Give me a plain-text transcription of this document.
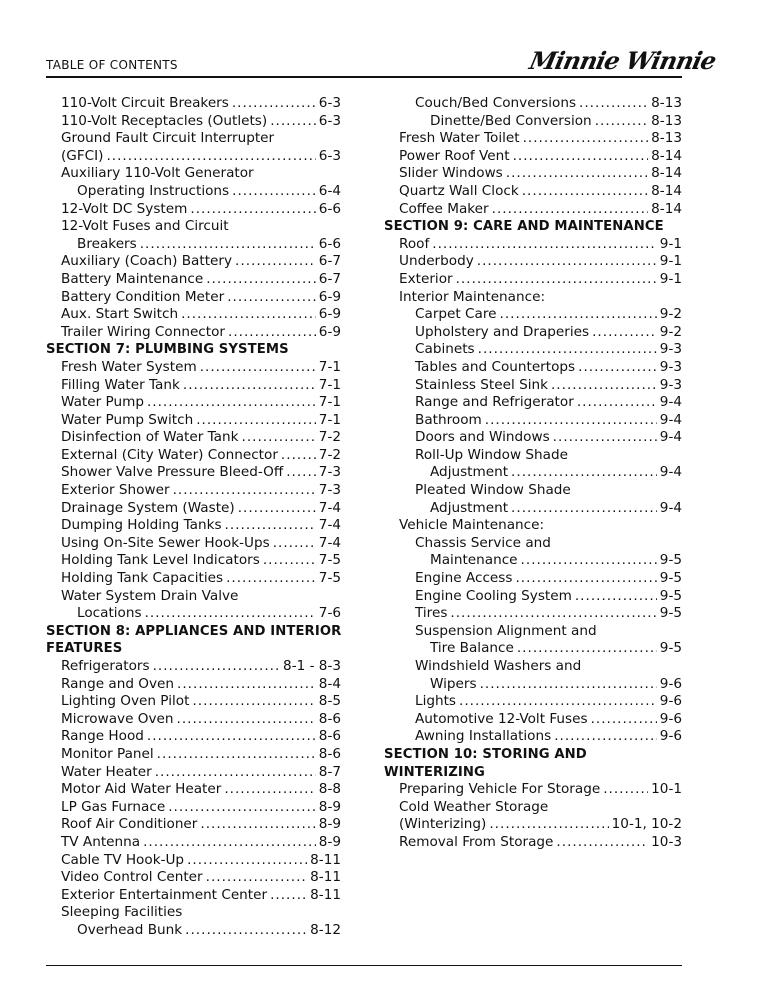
TABLE OF CONTENTS	Minnie Winnie
110-Volt Circuit Breakers .....	6-3
110-Volt Receptacles (Outlets) .....	6-3
Ground Fault Circuit Interrupter
(GFCI) .....	6-3
Auxiliary 110-Volt Generator
Operating Instructions .....	6-4
12-Volt DC System .....	6-6
12-Volt Fuses and Circuit
Breakers .....	6-6
Auxiliary (Coach) Battery .....	6-7
Battery Maintenance .....	6-7
Battery Condition Meter .....	6-9
Aux. Start Switch .....	6-9
Trailer Wiring Connector .....	6-9
SECTION 7: PLUMBING SYSTEMS
Fresh Water System .....	7-1
Filling Water Tank .....	7-1
Water Pump .....	7-1
Water Pump Switch .....	7-1
Disinfection of Water Tank .....	7-2
External (City Water) Connector .....	7-2
Shower Valve Pressure Bleed-Off .....	7-3
Exterior Shower .....	7-3
Drainage System (Waste) .....	7-4
Dumping Holding Tanks .....	7-4
Using On-Site Sewer Hook-Ups .....	7-4
Holding Tank Level Indicators .....	7-5
Holding Tank Capacities .....	7-5
Water System Drain Valve
Locations .....	7-6
SECTION 8: APPLIANCES AND INTERIOR
FEATURES
Refrigerators .....	8-1 - 8-3
Range and Oven .....	8-4
Lighting Oven Pilot .....	8-5
Microwave Oven .....	8-6
Range Hood .....	8-6
Monitor Panel .....	8-6
Water Heater .....	8-7
Motor Aid Water Heater .....	8-8
LP Gas Furnace .....	8-9
Roof Air Conditioner .....	8-9
TV Antenna .....	8-9
Cable TV Hook-Up .....	8-11
Video Control Center .....	8-11
Exterior Entertainment Center .....	8-11
Sleeping Facilities
Overhead Bunk .....	8-12
Couch/Bed Conversions .....	8-13
Dinette/Bed Conversion .....	8-13
Fresh Water Toilet .....	8-13
Power Roof Vent .....	8-14
Slider Windows .....	8-14
Quartz Wall Clock .....	8-14
Coffee Maker .....	8-14
SECTION 9: CARE AND MAINTENANCE
Roof .....	9-1
Underbody .....	9-1
Exterior .....	9-1
Interior Maintenance:
Carpet Care .....	9-2
Upholstery and Draperies .....	9-2
Cabinets .....	9-3
Tables and Countertops .....	9-3
Stainless Steel Sink .....	9-3
Range and Refrigerator .....	9-4
Bathroom .....	9-4
Doors and Windows .....	9-4
Roll-Up Window Shade
Adjustment .....	9-4
Pleated Window Shade
Adjustment .....	9-4
Vehicle Maintenance:
Chassis Service and
Maintenance .....	9-5
Engine Access .....	9-5
Engine Cooling System .....	9-5
Tires .....	9-5
Suspension Alignment and
Tire Balance .....	9-5
Windshield Washers and
Wipers .....	9-6
Lights .....	9-6
Automotive 12-Volt Fuses .....	9-6
Awning Installations .....	9-6
SECTION 10: STORING AND
WINTERIZING
Preparing Vehicle For Storage .....	10-1
Cold Weather Storage
(Winterizing) .....	10-1, 10-2
Removal From Storage .....	10-3
